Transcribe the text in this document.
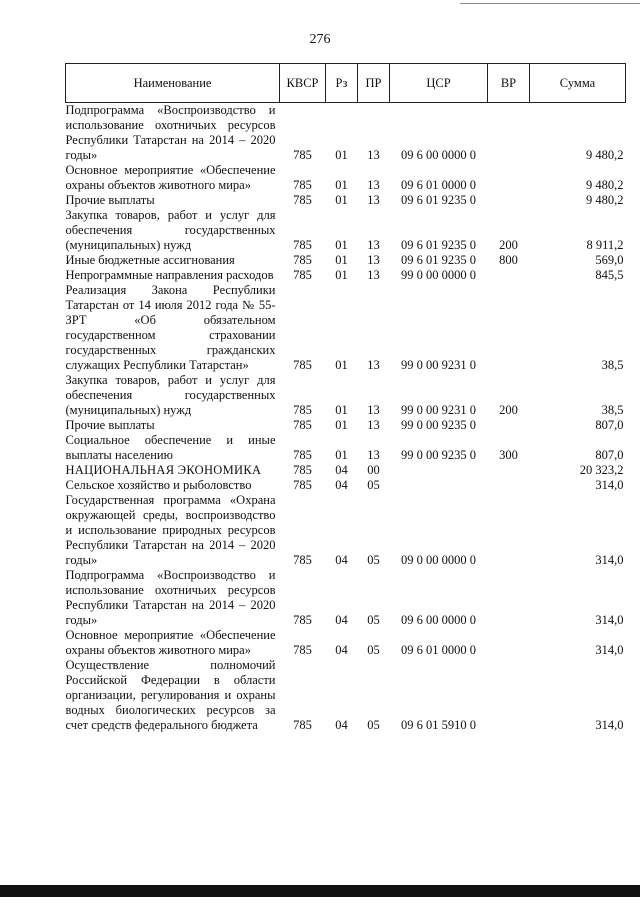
276
Наименование	КВСР	Рз	ПР	ЦСР	ВР	Сумма
Подпрограмма «Воспроизводство и использование охотничьих ресурсов Республики Татарстан на 2014 – 2020 годы»	785	01	13	09 6 00 0000 0		9 480,2
Основное мероприятие «Обеспечение охраны объектов животного мира»	785	01	13	09 6 01 0000 0		9 480,2
Прочие выплаты	785	01	13	09 6 01 9235 0		9 480,2
Закупка товаров, работ и услуг для обеспечения государственных (муниципальных) нужд	785	01	13	09 6 01 9235 0	200	8 911,2
Иные бюджетные ассигнования	785	01	13	09 6 01 9235 0	800	569,0
Непрограммные направления расходов	785	01	13	99 0 00 0000 0		845,5
Реализация Закона Республики Татарстан от 14 июля 2012 года № 55-ЗРТ «Об обязательном государственном страховании государственных гражданских служащих Республики Татарстан»	785	01	13	99 0 00 9231 0		38,5
Закупка товаров, работ и услуг для обеспечения государственных (муниципальных) нужд	785	01	13	99 0 00 9231 0	200	38,5
Прочие выплаты	785	01	13	99 0 00 9235 0		807,0
Социальное обеспечение и иные выплаты населению	785	01	13	99 0 00 9235 0	300	807,0
НАЦИОНАЛЬНАЯ ЭКОНОМИКА	785	04	00			20 323,2
Сельское хозяйство и рыболовство	785	04	05			314,0
Государственная программа «Охрана окружающей среды, воспроизводство и использование природных ресурсов Республики Татарстан на 2014 – 2020 годы»	785	04	05	09 0 00 0000 0		314,0
Подпрограмма «Воспроизводство и использование охотничьих ресурсов Республики Татарстан на 2014 – 2020 годы»	785	04	05	09 6 00 0000 0		314,0
Основное мероприятие «Обеспечение охраны объектов животного мира»	785	04	05	09 6 01 0000 0		314,0
Осуществление полномочий Российской Федерации в области организации, регулирования и охраны водных биологических ресурсов за счет средств федерального бюджета	785	04	05	09 6 01 5910 0		314,0
